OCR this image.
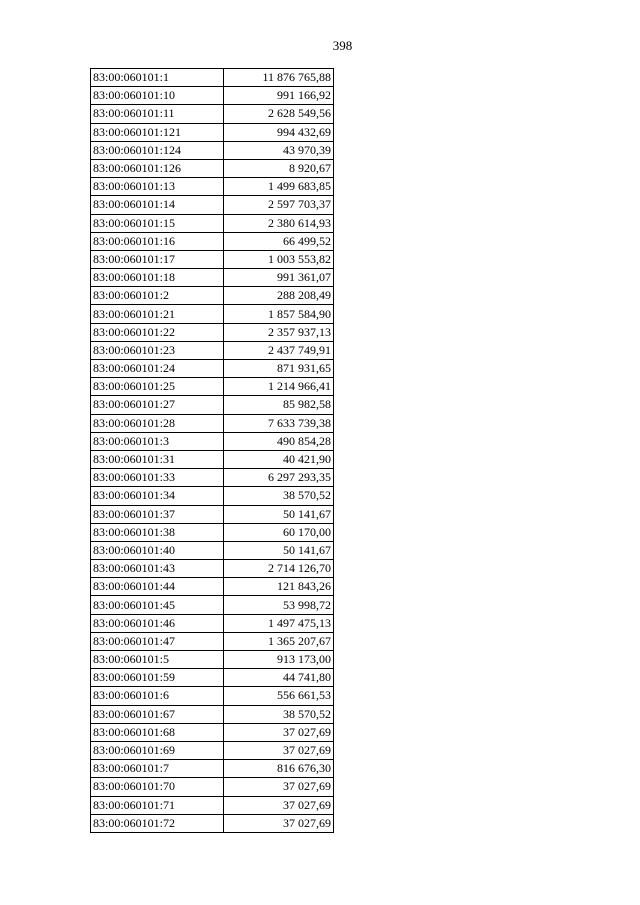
398
83:00:060101:1	11 876 765,88
83:00:060101:10	991 166,92
83:00:060101:11	2 628 549,56
83:00:060101:121	994 432,69
83:00:060101:124	43 970,39
83:00:060101:126	8 920,67
83:00:060101:13	1 499 683,85
83:00:060101:14	2 597 703,37
83:00:060101:15	2 380 614,93
83:00:060101:16	66 499,52
83:00:060101:17	1 003 553,82
83:00:060101:18	991 361,07
83:00:060101:2	288 208,49
83:00:060101:21	1 857 584,90
83:00:060101:22	2 357 937,13
83:00:060101:23	2 437 749,91
83:00:060101:24	871 931,65
83:00:060101:25	1 214 966,41
83:00:060101:27	85 982,58
83:00:060101:28	7 633 739,38
83:00:060101:3	490 854,28
83:00:060101:31	40 421,90
83:00:060101:33	6 297 293,35
83:00:060101:34	38 570,52
83:00:060101:37	50 141,67
83:00:060101:38	60 170,00
83:00:060101:40	50 141,67
83:00:060101:43	2 714 126,70
83:00:060101:44	121 843,26
83:00:060101:45	53 998,72
83:00:060101:46	1 497 475,13
83:00:060101:47	1 365 207,67
83:00:060101:5	913 173,00
83:00:060101:59	44 741,80
83:00:060101:6	556 661,53
83:00:060101:67	38 570,52
83:00:060101:68	37 027,69
83:00:060101:69	37 027,69
83:00:060101:7	816 676,30
83:00:060101:70	37 027,69
83:00:060101:71	37 027,69
83:00:060101:72	37 027,69
